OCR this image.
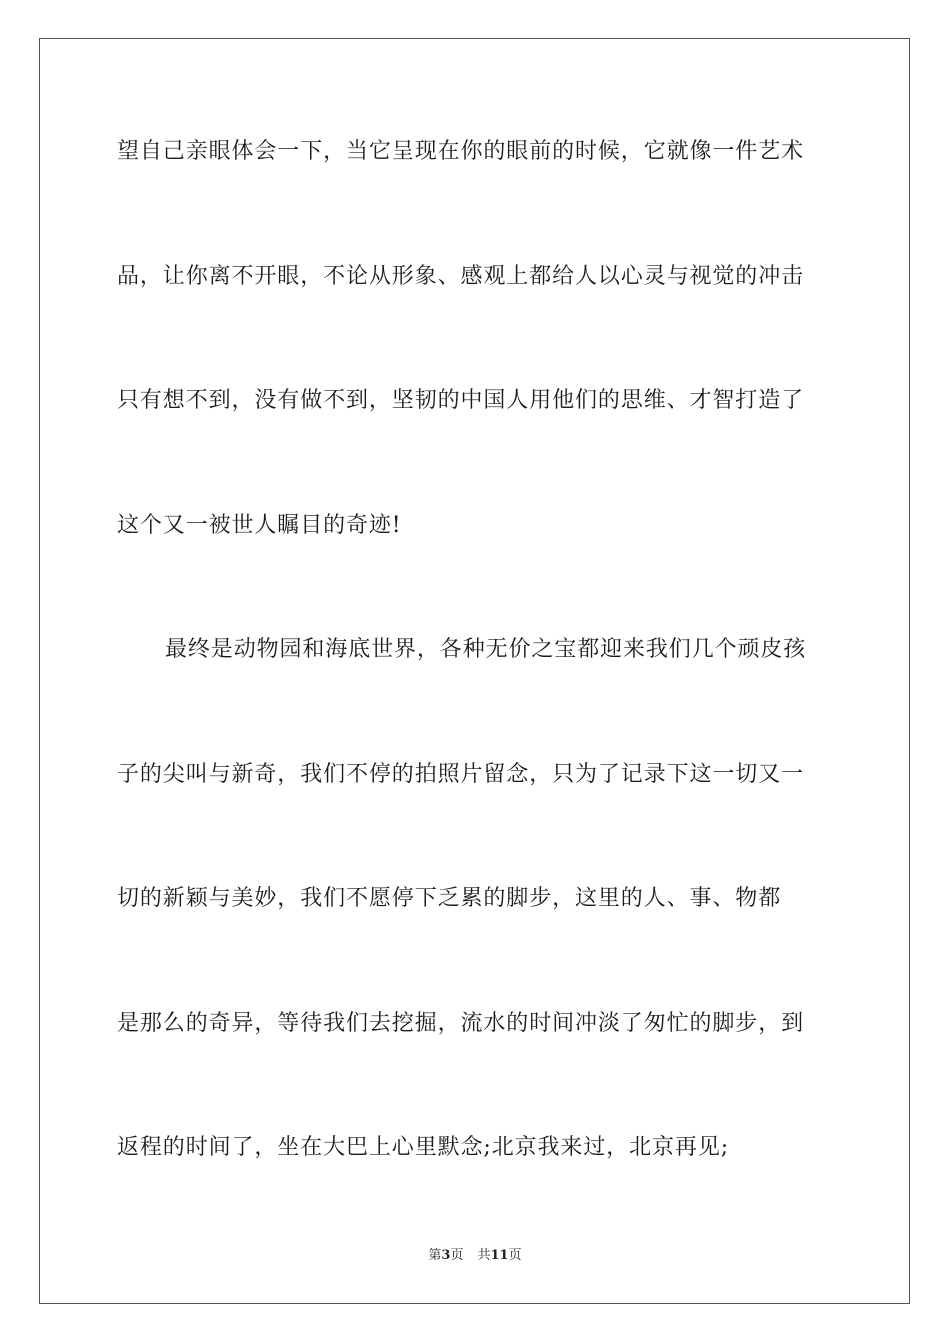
望自己亲眼体会一下，当它呈现在你的眼前的时候，它就像一件艺术
品，让你离不开眼，不论从形象、感观上都给人以心灵与视觉的冲击
只有想不到，没有做不到，坚韧的中国人用他们的思维、才智打造了
这个又一被世人瞩目的奇迹!
最终是动物园和海底世界，各种无价之宝都迎来我们几个顽皮孩
子的尖叫与新奇，我们不停的拍照片留念，只为了记录下这一切又一
切的新颖与美妙，我们不愿停下乏累的脚步，这里的人、事、物都
是那么的奇异，等待我们去挖掘，流水的时间冲淡了匆忙的脚步，到
返程的时间了，坐在大巴上心里默念;北京我来过，北京再见;
第3页 共11页
